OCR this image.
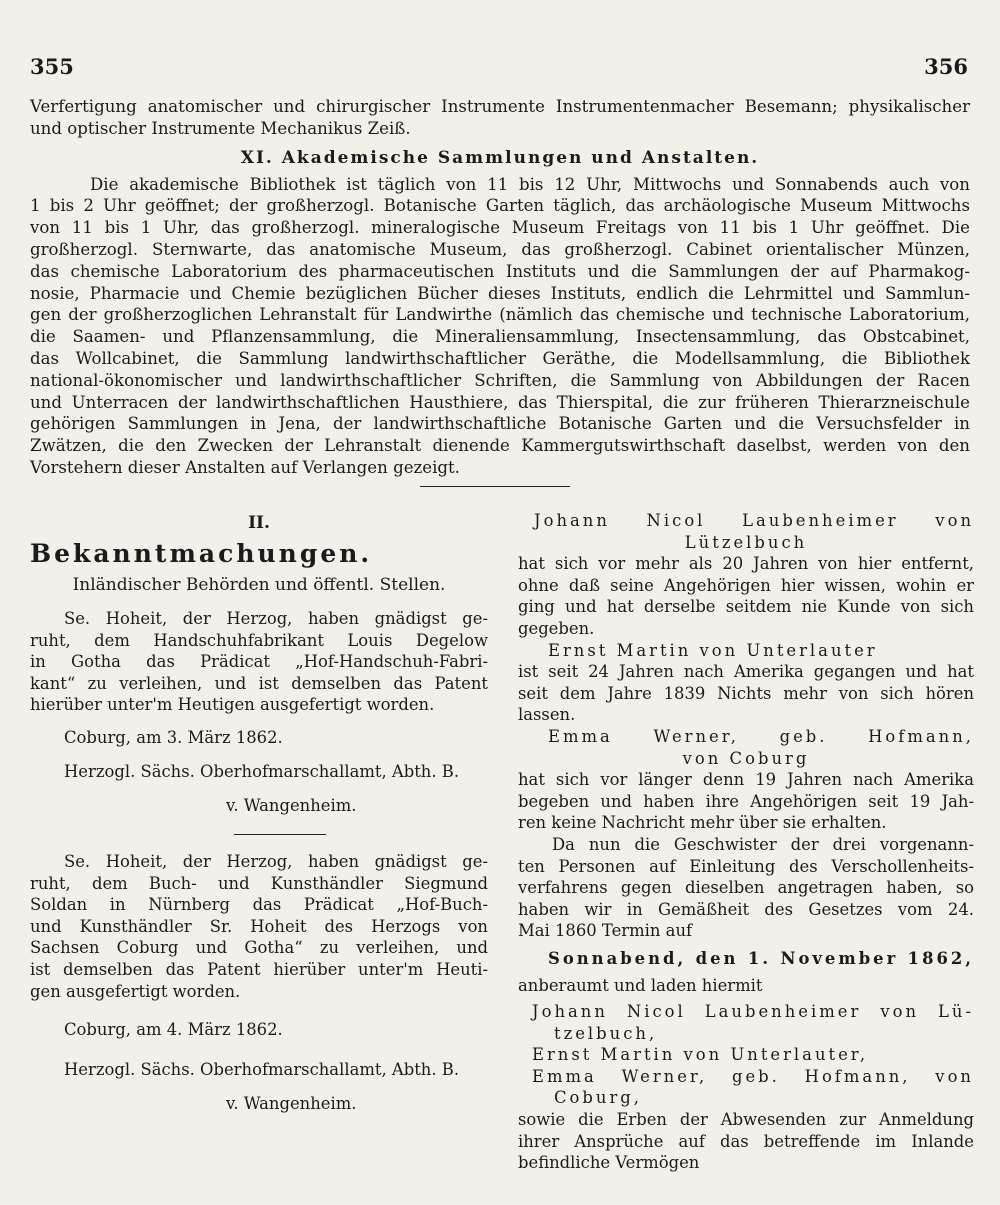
355	356
Verfertigung anatomischer und chirurgischer Instrumente Instrumentenmacher Besemann; physikalischer
und optischer Instrumente Mechanikus Zeiß.
XI. Akademische Sammlungen und Anstalten.
Die akademische Bibliothek ist täglich von 11 bis 12 Uhr, Mittwochs und Sonnabends auch von
1 bis 2 Uhr geöffnet; der großherzogl. Botanische Garten täglich, das archäologische Museum Mittwochs
von 11 bis 1 Uhr, das großherzogl. mineralogische Museum Freitags von 11 bis 1 Uhr geöffnet. Die
großherzogl. Sternwarte, das anatomische Museum, das großherzogl. Cabinet orientalischer Münzen,
das chemische Laboratorium des pharmaceutischen Instituts und die Sammlungen der auf Pharmakog-
nosie, Pharmacie und Chemie bezüglichen Bücher dieses Instituts, endlich die Lehrmittel und Sammlun-
gen der großherzoglichen Lehranstalt für Landwirthe (nämlich das chemische und technische Laboratorium,
die Saamen- und Pflanzensammlung, die Mineraliensammlung, Insectensammlung, das Obstcabinet,
das Wollcabinet, die Sammlung landwirthschaftlicher Geräthe, die Modellsammlung, die Bibliothek
national-ökonomischer und landwirthschaftlicher Schriften, die Sammlung von Abbildungen der Racen
und Unterracen der landwirthschaftlichen Hausthiere, das Thierspital, die zur früheren Thierarzneischule
gehörigen Sammlungen in Jena, der landwirthschaftliche Botanische Garten und die Versuchsfelder in
Zwätzen, die den Zwecken der Lehranstalt dienende Kammergutswirthschaft daselbst, werden von den
Vorstehern dieser Anstalten auf Verlangen gezeigt.
II.
Bekanntmachungen.
Inländischer Behörden und öffentl. Stellen.
Se. Hoheit, der Herzog, haben gnädigst ge-
ruht, dem Handschuhfabrikant Louis Degelow
in Gotha das Prädicat „Hof-Handschuh-Fabri-
kant“ zu verleihen, und ist demselben das Patent
hierüber unter'm Heutigen ausgefertigt worden.
Coburg, am 3. März 1862.
Herzogl. Sächs. Oberhofmarschallamt, Abth. B.
v. Wangenheim.
Se. Hoheit, der Herzog, haben gnädigst ge-
ruht, dem Buch- und Kunsthändler Siegmund
Soldan in Nürnberg das Prädicat „Hof-Buch-
und Kunsthändler Sr. Hoheit des Herzogs von
Sachsen Coburg und Gotha“ zu verleihen, und
ist demselben das Patent hierüber unter'm Heuti-
gen ausgefertigt worden.
Coburg, am 4. März 1862.
Herzogl. Sächs. Oberhofmarschallamt, Abth. B.
v. Wangenheim.
Johann Nicol Laubenheimer von
Lützelbuch
hat sich vor mehr als 20 Jahren von hier entfernt,
ohne daß seine Angehörigen hier wissen, wohin er
ging und hat derselbe seitdem nie Kunde von sich
gegeben.
Ernst Martin von Unterlauter
ist seit 24 Jahren nach Amerika gegangen und hat
seit dem Jahre 1839 Nichts mehr von sich hören
lassen.
Emma Werner, geb. Hofmann,
von Coburg
hat sich vor länger denn 19 Jahren nach Amerika
begeben und haben ihre Angehörigen seit 19 Jah-
ren keine Nachricht mehr über sie erhalten.
Da nun die Geschwister der drei vorgenann-
ten Personen auf Einleitung des Verschollenheits-
verfahrens gegen dieselben angetragen haben, so
haben wir in Gemäßheit des Gesetzes vom 24.
Mai 1860 Termin auf
Sonnabend, den 1. November 1862,
anberaumt und laden hiermit
Johann Nicol Laubenheimer von Lü-
tzelbuch,
Ernst Martin von Unterlauter,
Emma Werner, geb. Hofmann, von
Coburg,
sowie die Erben der Abwesenden zur Anmeldung
ihrer Ansprüche auf das betreffende im Inlande
befindliche Vermögen
